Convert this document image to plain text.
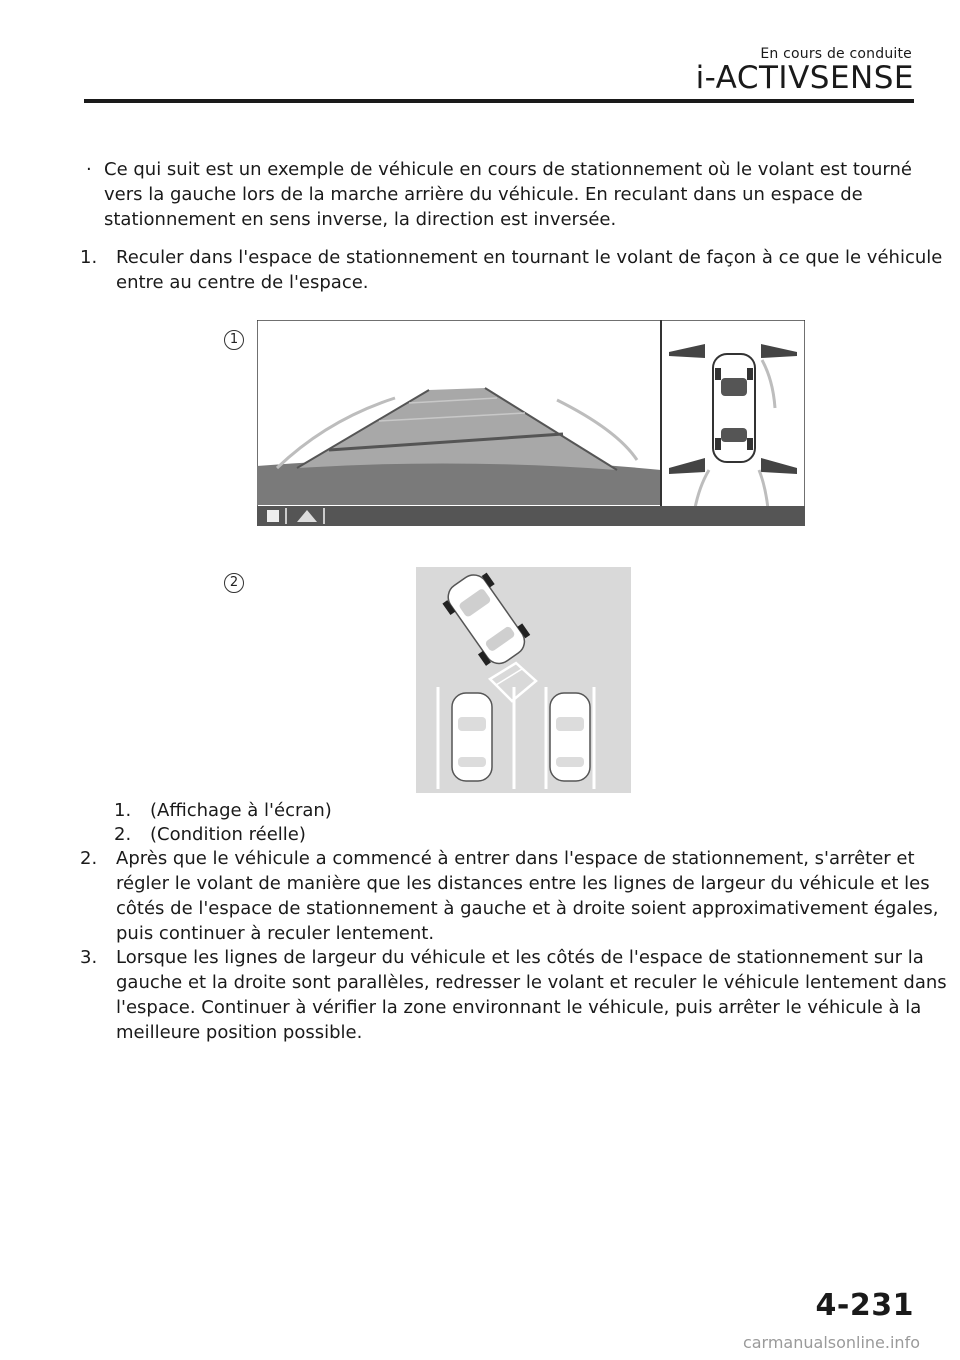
En cours de conduite
i-ACTIVSENSE
· Ce qui suit est un exemple de véhicule en cours de stationnement où le volant est tourné vers la gauche lors de la marche arrière du véhicule. En reculant dans un espace de stationnement en sens inverse, la direction est inversée.
1. Reculer dans l'espace de stationnement en tournant le volant de façon à ce que le véhicule entre au centre de l'espace.
1
2
1. (Affichage à l'écran)
2. (Condition réelle)
2. Après que le véhicule a commencé à entrer dans l'espace de stationnement, s'arrêter et régler le volant de manière que les distances entre les lignes de largeur du véhicule et les côtés de l'espace de stationnement à gauche et à droite soient approximativement égales, puis continuer à reculer lentement.
3. Lorsque les lignes de largeur du véhicule et les côtés de l'espace de stationnement sur la gauche et la droite sont parallèles, redresser le volant et reculer le véhicule lentement dans l'espace. Continuer à vérifier la zone environnant le véhicule, puis arrêter le véhicule à la meilleure position possible.
4-231
carmanualsonline.info
